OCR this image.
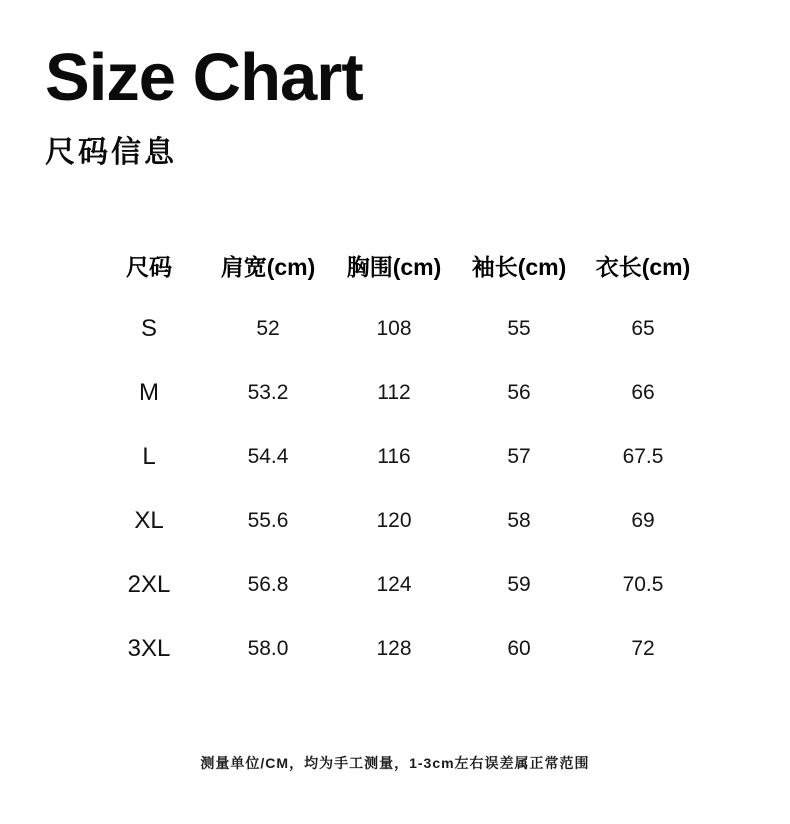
Size Chart
尺码信息
尺码	肩宽(cm)	胸围(cm)	袖长(cm)	衣长(cm)
S	52	108	55	65
M	53.2	112	56	66
L	54.4	116	57	67.5
XL	55.6	120	58	69
2XL	56.8	124	59	70.5
3XL	58.0	128	60	72
测量单位/CM，均为手工测量，1-3cm左右误差属正常范围
